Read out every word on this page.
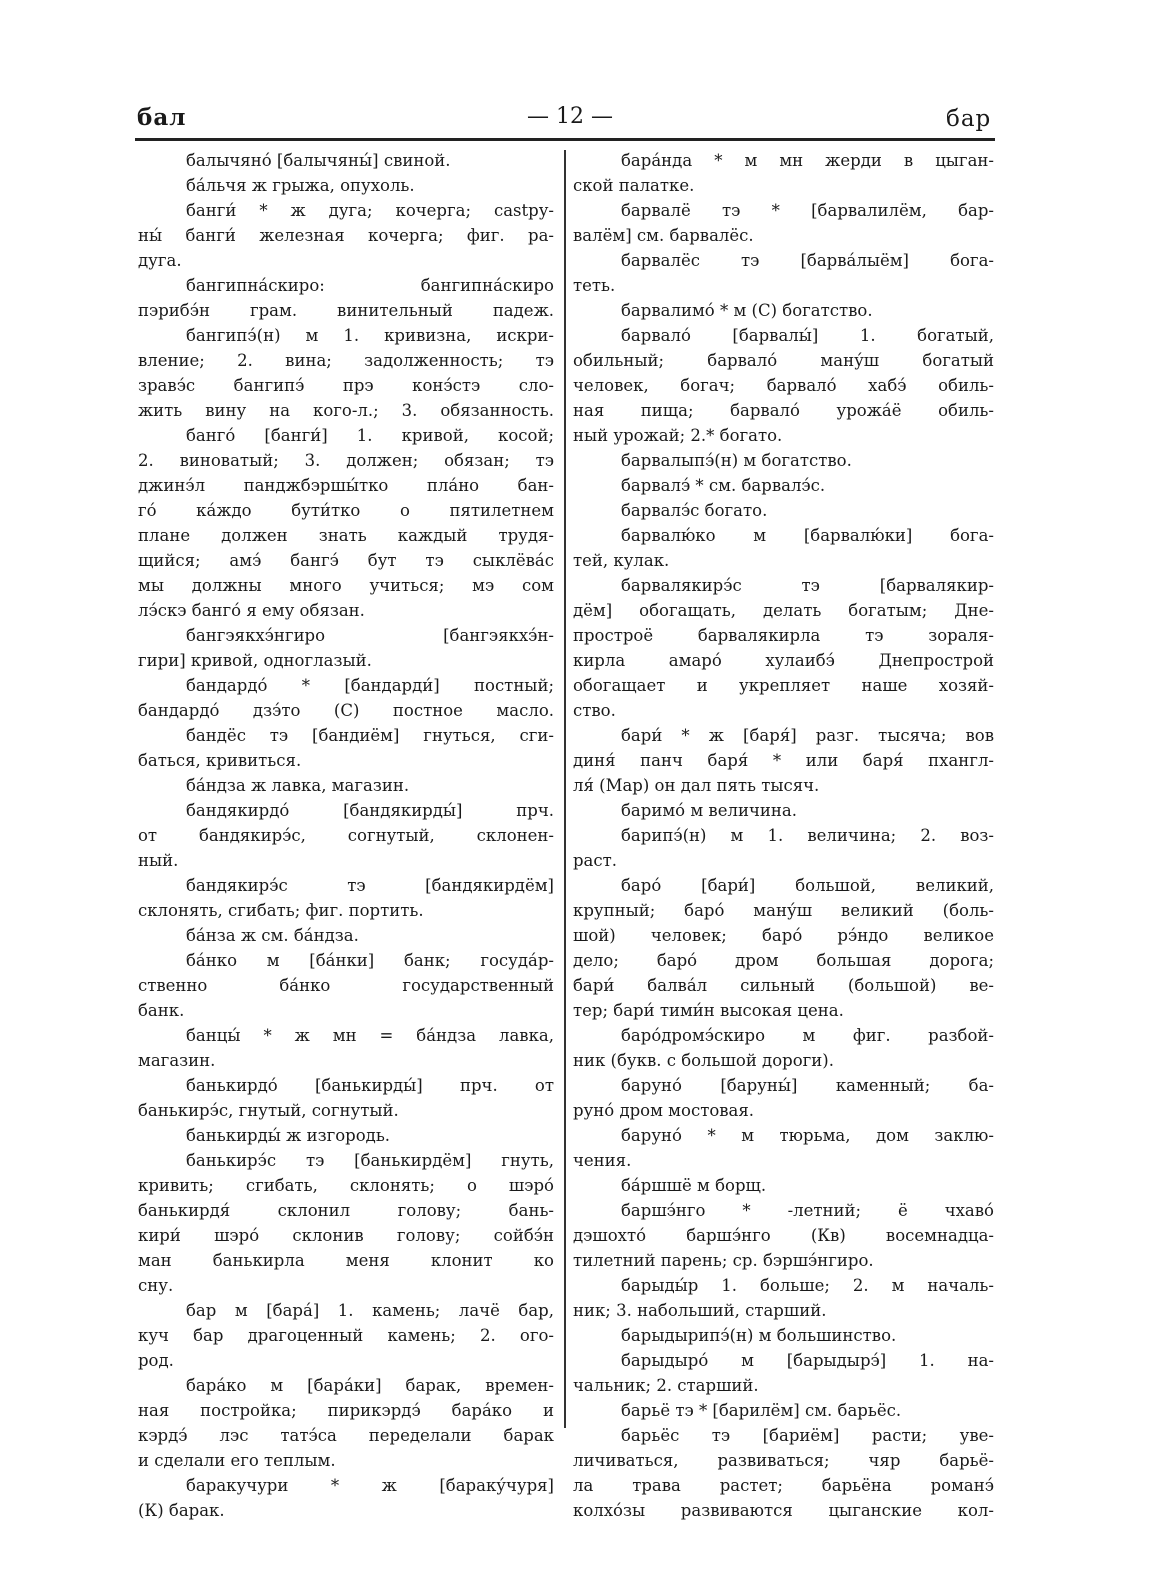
бал	— 12 —	бар
балычяно́ [балычяны́] свиной.
ба́льчя ж грыжа, опухоль.
банги́ * ж дуга; кочерга; сastру-
ны́ банги́ железная кочерга; фиг. ра-
дуга.
бангипна́скиро: бангипна́скиро
пэрибэ́н грам. винительный падеж.
бангипэ́(н) м 1. кривизна, искри-
вление; 2. вина; задолженность; тэ
зравэ́с бангипэ́ прэ конэ́стэ сло-
жить вину на кого-л.; 3. обязанность.
банго́ [банги́] 1. кривой, косой;
2. виноватый; 3. должен; обязан; тэ
джинэ́л панджбэршы́тко пла́но бан-
го́ ка́ждо бути́тко о пятилетнем
плане должен знать каждый трудя-
щийся; амэ́ бангэ́ бут тэ сыклёва́с
мы должны много учиться; мэ сом
лэ́скэ банго́ я ему обязан.
бангэякхэ́нгиро [бангэякхэ́н-
гири] кривой, одноглазый.
бандардо́ * [бандарди́] постный;
бандардо́ дзэ́то (С) постное масло.
бандёс тэ [бандиём] гнуться, сги-
баться, кривиться.
ба́ндза ж лавка, магазин.
бандякирдо́ [бандякирды́] прч.
от бандякирэ́с, согнутый, склонен-
ный.
бандякирэ́с тэ [бандякирдём]
склонять, сгибать; фиг. портить.
ба́нза ж см. ба́ндза.
ба́нко м [ба́нки] банк; госуда́р-
ственно ба́нко государственный
банк.
банцы́ * ж мн = ба́ндза лавка,
магазин.
банькирдо́ [банькирды́] прч. от
банькирэ́с, гнутый, согнутый.
банькирды́ ж изгородь.
банькирэ́с тэ [банькирдём] гнуть,
кривить; сгибать, склонять; о шэро́
банькирдя́ склонил голову; бань-
кири́ шэро́ склонив голову; сойбэ́н
ман банькирла меня клонит ко
сну.
бар м [бара́] 1. камень; лачё бар,
куч бар драгоценный камень; 2. ого-
род.
бара́ко м [бара́ки] барак, времен-
ная постройка; пирикэрдэ́ бара́ко и
кэрдэ́ лэс татэ́са переделали барак
и сделали его теплым.
баракучури * ж [бараку́чуря]
(К) барак.
бара́нда * м мн жерди в цыган-
ской палатке.
барвалё тэ * [барвалилём, бар-
валём] см. барвалёс.
барвалёс тэ [барва́лыём] бога-
теть.
барвалимо́ * м (С) богатство.
барвало́ [барвалы́] 1. богатый,
обильный; барвало́ ману́ш богатый
человек, богач; барвало́ хабэ́ обиль-
ная пища; барвало́ урожа́ё обиль-
ный урожай; 2.* богато.
барвалыпэ́(н) м богатство.
барвалэ́ * см. барвалэ́с.
барвалэ́с богато.
барвалю́ко м [барвалю́ки] бога-
тей, кулак.
барвалякирэ́с тэ [барвалякир-
дём] обогащать, делать богатым; Дне-
простроё барвалякирла тэ зораля-
кирла амаро́ хулаибэ́ Днепрострой
обогащает и укрепляет наше хозяй-
ство.
бари́ * ж [баря́] разг. тысяча; вов
диня́ панч баря́ * или баря́ пхангл-
ля́ (Мар) он дал пять тысяч.
баримо́ м величина.
барипэ́(н) м 1. величина; 2. воз-
раст.
баро́ [бари́] большой, великий,
крупный; баро́ ману́ш великий (боль-
шой) человек; баро́ рэ́ндо великое
дело; баро́ дром большая дорога;
бари́ балва́л сильный (большой) ве-
тер; бари́ тими́н высокая цена.
баро́дромэ́скиро м фиг. разбой-
ник (букв. с большой дороги).
баруно́ [баруны́] каменный; ба-
руно́ дром мостовая.
баруно́ * м тюрьма, дом заклю-
чения.
ба́ршшё м борщ.
баршэ́нго * -летний; ё чхаво́
дэшохто́ баршэ́нго (Кв) восемнадца-
тилетний парень; ср. бэршэ́нгиро.
барыды́р 1. больше; 2. м началь-
ник; 3. набольший, старший.
барыдырипэ́(н) м большинство.
барыдыро́ м [барыдырэ́] 1. на-
чальник; 2. старший.
барьё тэ * [барилём] см. барьёс.
барьёс тэ [бариём] расти; уве-
личиваться, развиваться; чяр барьё-
ла трава растет; барьёна романэ́
колхо́зы развиваются цыганские кол-
